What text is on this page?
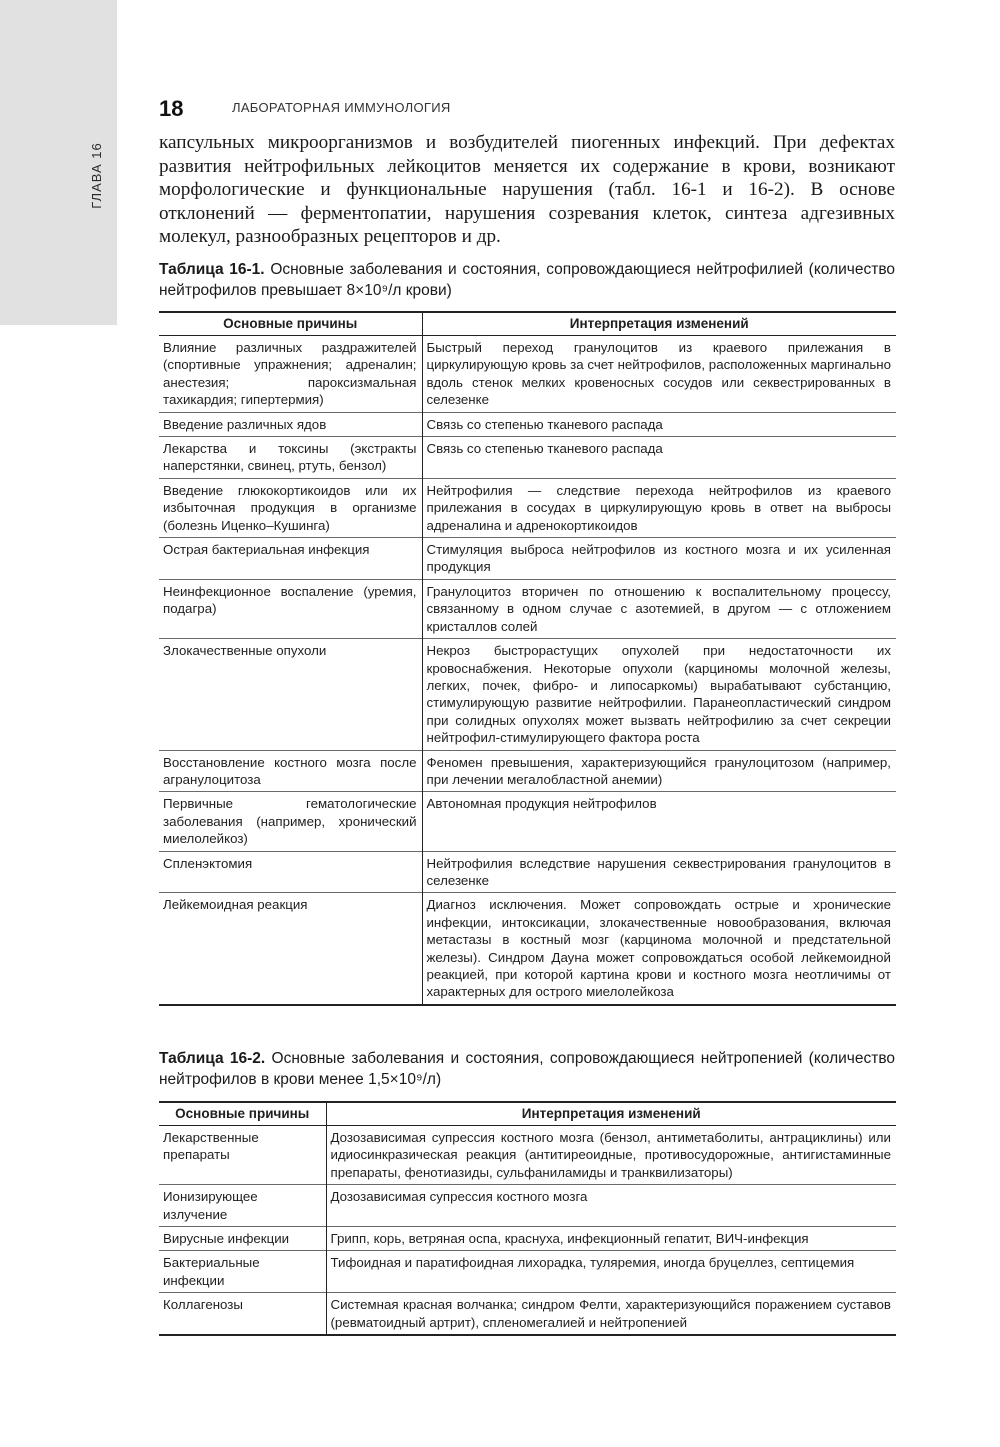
ГЛАВА 16
18	ЛАБОРАТОРНАЯ ИММУНОЛОГИЯ

капсульных микроорганизмов и возбудителей пиогенных инфекций. При дефектах развития нейтрофильных лейкоцитов меняется их содержание в крови, возникают морфологические и функциональные нарушения (табл. 16-1 и 16-2). В основе отклонений — ферментопатии, нарушения созревания клеток, синтеза адгезивных молекул, разнообразных рецепторов и др.

Таблица 16-1. Основные заболевания и состояния, сопровождающиеся нейтрофилией (количество нейтрофилов превышает 8×10⁹/л крови)

Основные причины	Интерпретация изменений
Влияние различных раздражителей (спортивные упражнения; адреналин; анестезия; пароксизмальная тахикардия; гипертермия)	Быстрый переход гранулоцитов из краевого прилежания в циркулирующую кровь за счет нейтрофилов, расположенных маргинально вдоль стенок мелких кровеносных сосудов или секвестрированных в селезенке
Введение различных ядов	Связь со степенью тканевого распада
Лекарства и токсины (экстракты наперстянки, свинец, ртуть, бензол)	Связь со степенью тканевого распада
Введение глюкокортикоидов или их избыточная продукция в организме (болезнь Иценко–Кушинга)	Нейтрофилия — следствие перехода нейтрофилов из краевого прилежания в сосудах в циркулирующую кровь в ответ на выбросы адреналина и адренокортикоидов
Острая бактериальная инфекция	Стимуляция выброса нейтрофилов из костного мозга и их усиленная продукция
Неинфекционное воспаление (уремия, подагра)	Гранулоцитоз вторичен по отношению к воспалительному процессу, связанному в одном случае с азотемией, в другом — с отложением кристаллов солей
Злокачественные опухоли	Некроз быстрорастущих опухолей при недостаточности их кровоснабжения. Некоторые опухоли (карциномы молочной железы, легких, почек, фибро- и липосаркомы) вырабатывают субстанцию, стимулирующую развитие нейтрофилии. Паранеопластический синдром при солидных опухолях может вызвать нейтрофилию за счет секреции нейтрофил-стимулирующего фактора роста
Восстановление костного мозга после агранулоцитоза	Феномен превышения, характеризующийся гранулоцитозом (например, при лечении мегалобластной анемии)
Первичные гематологические заболевания (например, хронический миелолейкоз)	Автономная продукция нейтрофилов
Спленэктомия	Нейтрофилия вследствие нарушения секвестрирования гранулоцитов в селезенке
Лейкемоидная реакция	Диагноз исключения. Может сопровождать острые и хронические инфекции, интоксикации, злокачественные новообразования, включая метастазы в костный мозг (карцинома молочной и предстательной железы). Синдром Дауна может сопровождаться особой лейкемоидной реакцией, при которой картина крови и костного мозга неотличимы от характерных для острого миелолейкоза

Таблица 16-2. Основные заболевания и состояния, сопровождающиеся нейтропенией (количество нейтрофилов в крови менее 1,5×10⁹/л)

Основные причины	Интерпретация изменений
Лекарственные препараты	Дозозависимая супрессия костного мозга (бензол, антиметаболиты, антрациклины) или идиосинкразическая реакция (антитиреоидные, противосудорожные, антигистаминные препараты, фенотиазиды, сульфаниламиды и транквилизаторы)
Ионизирующее излучение	Дозозависимая супрессия костного мозга
Вирусные инфекции	Грипп, корь, ветряная оспа, краснуха, инфекционный гепатит, ВИЧ-инфекция
Бактериальные инфекции	Тифоидная и паратифоидная лихорадка, туляремия, иногда бруцеллез, септицемия
Коллагенозы	Системная красная волчанка; синдром Фелти, характеризующийся поражением суставов (ревматоидный артрит), спленомегалией и нейтропенией
